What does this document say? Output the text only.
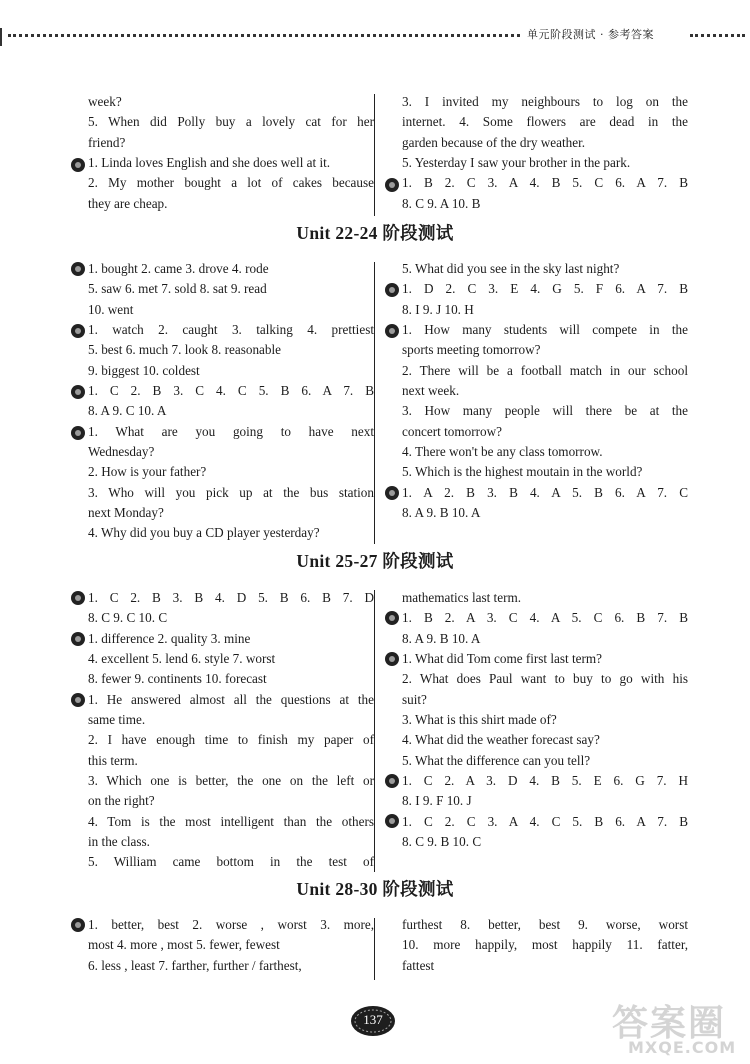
单元阶段测试 · 参考答案
week?
5. When did Polly buy a lovely cat for her
friend?
1. Linda loves English and she does well at it.
2. My mother bought a lot of cakes because
they are cheap.
3. I invited my neighbours to log on the
internet. 4. Some flowers are dead in the
garden because of the dry weather.
5. Yesterday I saw your brother in the park.
1. B 2. C 3. A 4. B 5. C 6. A 7. B
8. C 9. A 10. B
Unit 22-24 阶段测试
1. bought 2. came 3. drove 4. rode
5. saw 6. met 7. sold 8. sat 9. read
10. went
1. watch 2. caught 3. talking 4. prettiest
5. best 6. much 7. look 8. reasonable
9. biggest 10. coldest
1. C 2. B 3. C 4. C 5. B 6. A 7. B
8. A 9. C 10. A
1. What are you going to have next
Wednesday?
2. How is your father?
3. Who will you pick up at the bus station
next Monday?
4. Why did you buy a CD player yesterday?
5. What did you see in the sky last night?
1. D 2. C 3. E 4. G 5. F 6. A 7. B
8. I 9. J 10. H
1. How many students will compete in the
sports meeting tomorrow?
2. There will be a football match in our school
next week.
3. How many people will there be at the
concert tomorrow?
4. There won't be any class tomorrow.
5. Which is the highest moutain in the world?
1. A 2. B 3. B 4. A 5. B 6. A 7. C
8. A 9. B 10. A
Unit 25-27 阶段测试
1. C 2. B 3. B 4. D 5. B 6. B 7. D
8. C 9. C 10. C
1. difference 2. quality 3. mine
4. excellent 5. lend 6. style 7. worst
8. fewer 9. continents 10. forecast
1. He answered almost all the questions at the
same time.
2. I have enough time to finish my paper of
this term.
3. Which one is better, the one on the left or
on the right?
4. Tom is the most intelligent than the others
in the class.
5. William came bottom in the test of
mathematics last term.
1. B 2. A 3. C 4. A 5. C 6. B 7. B
8. A 9. B 10. A
1. What did Tom come first last term?
2. What does Paul want to buy to go with his
suit?
3. What is this shirt made of?
4. What did the weather forecast say?
5. What the difference can you tell?
1. C 2. A 3. D 4. B 5. E 6. G 7. H
8. I 9. F 10. J
1. C 2. C 3. A 4. C 5. B 6. A 7. B
8. C 9. B 10. C
Unit 28-30 阶段测试
1. better, best 2. worse , worst 3. more,
most 4. more , most 5. fewer, fewest
6. less , least 7. farther, further / farthest,
furthest 8. better, best 9. worse, worst
10. more happily, most happily 11. fatter,
fattest
137	答案圈
MXQE.COM
